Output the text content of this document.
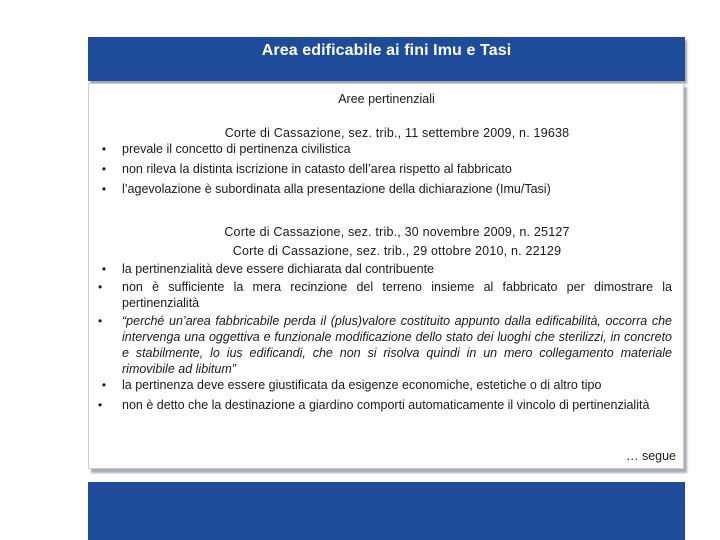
Area edificabile ai fini Imu e Tasi
Aree pertinenziali
Corte di Cassazione, sez. trib., 11 settembre 2009, n. 19638
•	prevale il concetto di pertinenza civilistica
•	non rileva la distinta iscrizione in catasto dell’area rispetto al fabbricato
•	l’agevolazione è subordinata alla presentazione della dichiarazione (Imu/Tasi)
Corte di Cassazione, sez. trib., 30 novembre 2009, n. 25127
Corte di Cassazione, sez. trib., 29 ottobre 2010, n. 22129
•	la pertinenzialità deve essere dichiarata dal contribuente
•	non è sufficiente la mera recinzione del terreno insieme al fabbricato per dimostrare la pertinenzialità
•	“perché un’area fabbricabile perda il (plus)valore costituito appunto dalla edificabilità, occorra che intervenga una oggettiva e funzionale modificazione dello stato dei luoghi che sterilizzi, in concreto e stabilmente, lo ius edificandi, che non si risolva quindi in un mero collegamento materiale rimovibile ad libitum”
•	la pertinenza deve essere giustificata da esigenze economiche, estetiche o di altro tipo
•	non è detto che la destinazione a giardino comporti automaticamente il vincolo di pertinenzialità
… segue
